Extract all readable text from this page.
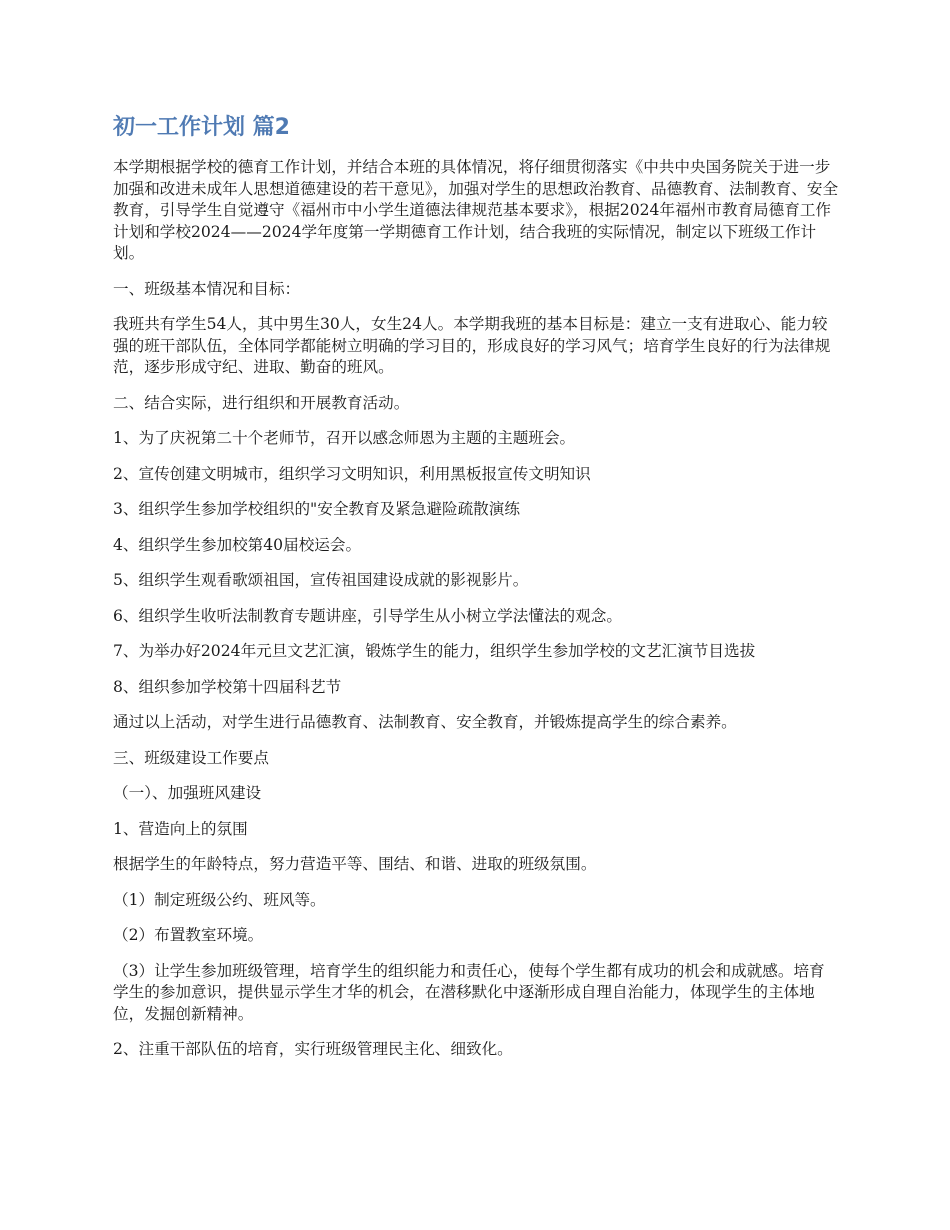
初一工作计划 篇2

本学期根据学校的德育工作计划，并结合本班的具体情况，将仔细贯彻落实《中共中央国务院关于进一步加强和改进未成年人思想道德建设的若干意见》，加强对学生的思想政治教育、品德教育、法制教育、安全教育，引导学生自觉遵守《福州市中小学生道德法律规范基本要求》，根据2024年福州市教育局德育工作计划和学校2024——2024学年度第一学期德育工作计划，结合我班的实际情况，制定以下班级工作计划。

一、班级基本情况和目标：

我班共有学生54人，其中男生30人，女生24人。本学期我班的基本目标是：建立一支有进取心、能力较强的班干部队伍，全体同学都能树立明确的学习目的，形成良好的学习风气；培育学生良好的行为法律规范，逐步形成守纪、进取、勤奋的班风。

二、结合实际，进行组织和开展教育活动。

1、为了庆祝第二十个老师节，召开以感念师恩为主题的主题班会。

2、宣传创建文明城市，组织学习文明知识，利用黑板报宣传文明知识

3、组织学生参加学校组织的"安全教育及紧急避险疏散演练

4、组织学生参加校第40届校运会。

5、组织学生观看歌颂祖国，宣传祖国建设成就的影视影片。

6、组织学生收听法制教育专题讲座，引导学生从小树立学法懂法的观念。

7、为举办好2024年元旦文艺汇演，锻炼学生的能力，组织学生参加学校的文艺汇演节目选拔

8、组织参加学校第十四届科艺节

通过以上活动，对学生进行品德教育、法制教育、安全教育，并锻炼提高学生的综合素养。

三、班级建设工作要点

（一）、加强班风建设

1、营造向上的氛围

根据学生的年龄特点，努力营造平等、围结、和谐、进取的班级氛围。

（1）制定班级公约、班风等。

（2）布置教室环境。

（3）让学生参加班级管理，培育学生的组织能力和责任心，使每个学生都有成功的机会和成就感。培育学生的参加意识，提供显示学生才华的机会，在潜移默化中逐渐形成自理自治能力，体现学生的主体地位，发掘创新精神。

2、注重干部队伍的培育，实行班级管理民主化、细致化。
